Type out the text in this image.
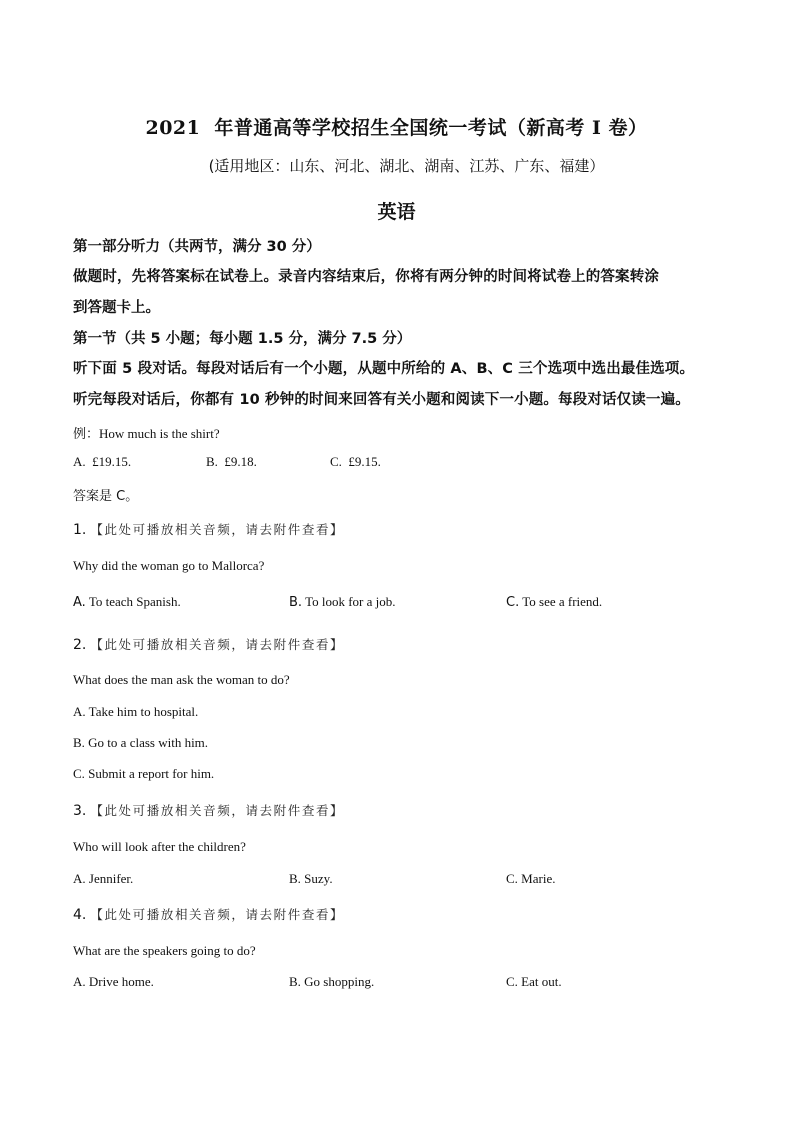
2021 年普通高等学校招生全国统一考试（新高考 I 卷）
(适用地区：山东、河北、湖北、湖南、江苏、广东、福建）
英语
第一部分听力（共两节，满分 30 分）
做题时，先将答案标在试卷上。录音内容结束后，你将有两分钟的时间将试卷上的答案转涂
到答题卡上。
第一节（共 5 小题；每小题 1.5 分，满分 7.5 分）
听下面 5 段对话。每段对话后有一个小题，从题中所给的 A、B、C 三个选项中选出最佳选项。
听完每段对话后，你都有 10 秒钟的时间来回答有关小题和阅读下一小题。每段对话仅读一遍。
例：How much is the shirt?
A. £19.15.	B. £9.18.	C. £9.15.
答案是 C。
1. 【此处可播放相关音频，请去附件查看】
Why did the woman go to Mallorca?
A. To teach Spanish.	B. To look for a job.	C. To see a friend.
2. 【此处可播放相关音频，请去附件查看】
What does the man ask the woman to do?
A. Take him to hospital.
B. Go to a class with him.
C. Submit a report for him.
3. 【此处可播放相关音频，请去附件查看】
Who will look after the children?
A. Jennifer.	B. Suzy.	C. Marie.
4. 【此处可播放相关音频，请去附件查看】
What are the speakers going to do?
A. Drive home.	B. Go shopping.	C. Eat out.
